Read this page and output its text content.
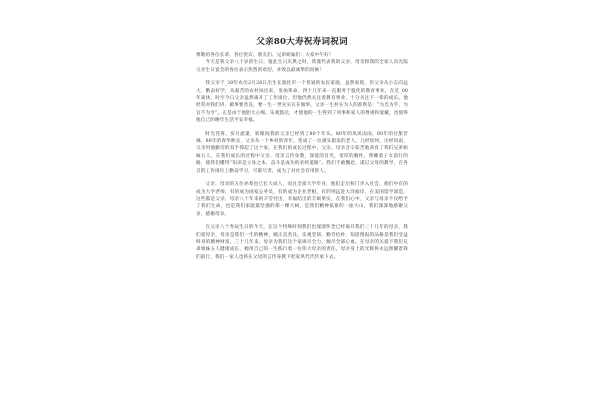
父亲80大寿祝寿词祝词

尊敬的各位长辈、各位贵宾、朋友们、兄弟姐妹们：大家中午好！

今天是我父亲八十岁的生日，值此生日庆典之时，我谨代表我的父亲、母亲和我的全家人向光临父亲生日宴会的各位表示热烈的欢迎，并致以最诚挚的问候！

我父亲于_30年农历2月26日出生在敦化市一个普通的农民家庭，虽然家境，但父亲从小志向远大，勤奋好学，从艰苦的农村闯出来，参加革命，四十几年来一直服务于敦化的教育事业，在近_00年离休。时至今日父亲虽然离开了工作岗位，但他仍然关注着教育事业，十分关注下一辈的成长。他经常对我们讲，做事要善良，要一生一世实实在在做事，父亲一生朴实为人的准则是：“为氏为乎，为官不为令”。正是由于他胆大心细、乐观豁达，才使他的一生得到了同事和家人的尊重和爱戴，也使得他自己的晚年生活平安幸福。

时光荏苒，岁月流逝，转眼间我的父亲已经到了80个年头。80年的风风雨雨，80年的甘甜苦辣。80年的春华秋实，父亲从一个乡村的青年，变成了一位满头银发的老人，几经坎坷，历经风雨，父亲用他勤劳的双手撑起了这个家，在我们的成长过程中，父亲、母亲含辛茹苦地养育了我们兄弟姐妹五人，在我们成长的过程中父亲、母亲言传身教，深爱的目光，宽厚的胸怀，照耀着子女前行的路，使我们懂得“知识是立身之本，奋斗是成功的必经道路”。我们不敢懈怠，谨记父母的教导，在各自的工作岗位上勤奋学习，尽职尽责，成为了对社会有用的人。

父亲、母亲的五位孙辈也已长大成人，而且全部大学毕业，他们走出校门步入社会，他们中有的成为大学老师，有的成为国家公务员，有的成为企业老板，有的则远赴大洋彼岸，在美国留学深造，这些都是父亲、母亲八十年来的辛劳付出，幸福结出的丰硕果实，在我们心中，父亲与母亲不仅给予了我们生命，也是我们家庭最坚强的那一棵大树，是我们精神依靠的一座大山，我们深深地感谢父亲，感谢母亲。

在父亲八十寿辰生日的今天，在这个特殊时刻我们也深深怀念已经离开我们三十几年的母亲，我们爱母亲，母亲是我们一生的精神，她正直善良、乐观坚韧、勤劳俭朴，知恩图报的品格是我们受益终身的精神财富。三十几年来，母亲为我们这个家竭尽全力，倾尽全部心血。在母亲的关爱下我们兄弟姐妹五人健康成长，她用自己的一生践行着一位伟大母亲的责任，母亲身上的光辉将永远照耀着我们前行，我们一家人也将在父母的言传身教下把家风代代传承下去。
